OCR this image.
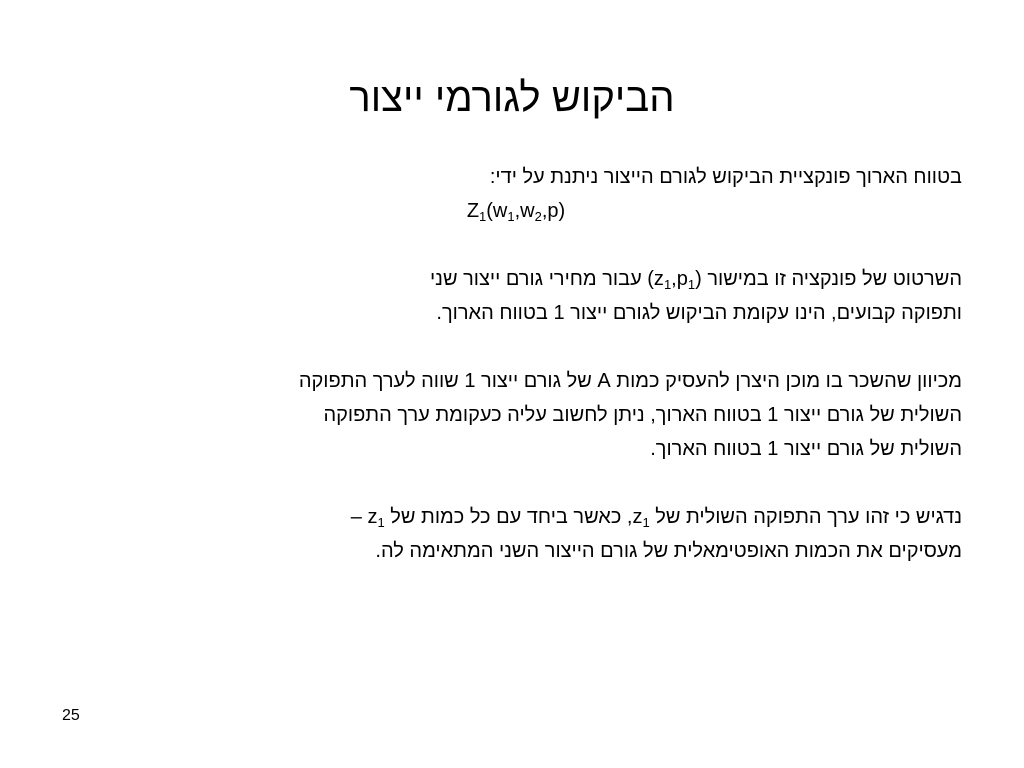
הביקוש לגורמי ייצור

בטווח הארוך פונקציית הביקוש לגורם הייצור ניתנת על ידי:

$Z_1(w_1,w_2,p)$

השרטוט של פונקציה זו במישור $(z_1,p_1)$ עבור מחירי גורם ייצור שני

ותפוקה קבועים, הינו עקומת הביקוש לגורם ייצור 1 בטווח הארוך.

מכיוון שהשכר בו מוכן היצרן להעסיק כמות A של גורם ייצור 1 שווה לערך התפוקה

השולית של גורם ייצור 1 בטווח הארוך, ניתן לחשוב עליה כעקומת ערך התפוקה

השולית של גורם ייצור 1 בטווח הארוך.

נדגיש כי זהו ערך התפוקה השולית של $z_1$, כאשר ביחד עם כל כמות של $z_1$ –

מעסיקים את הכמות האופטימאלית של גורם הייצור השני המתאימה לה.

25
